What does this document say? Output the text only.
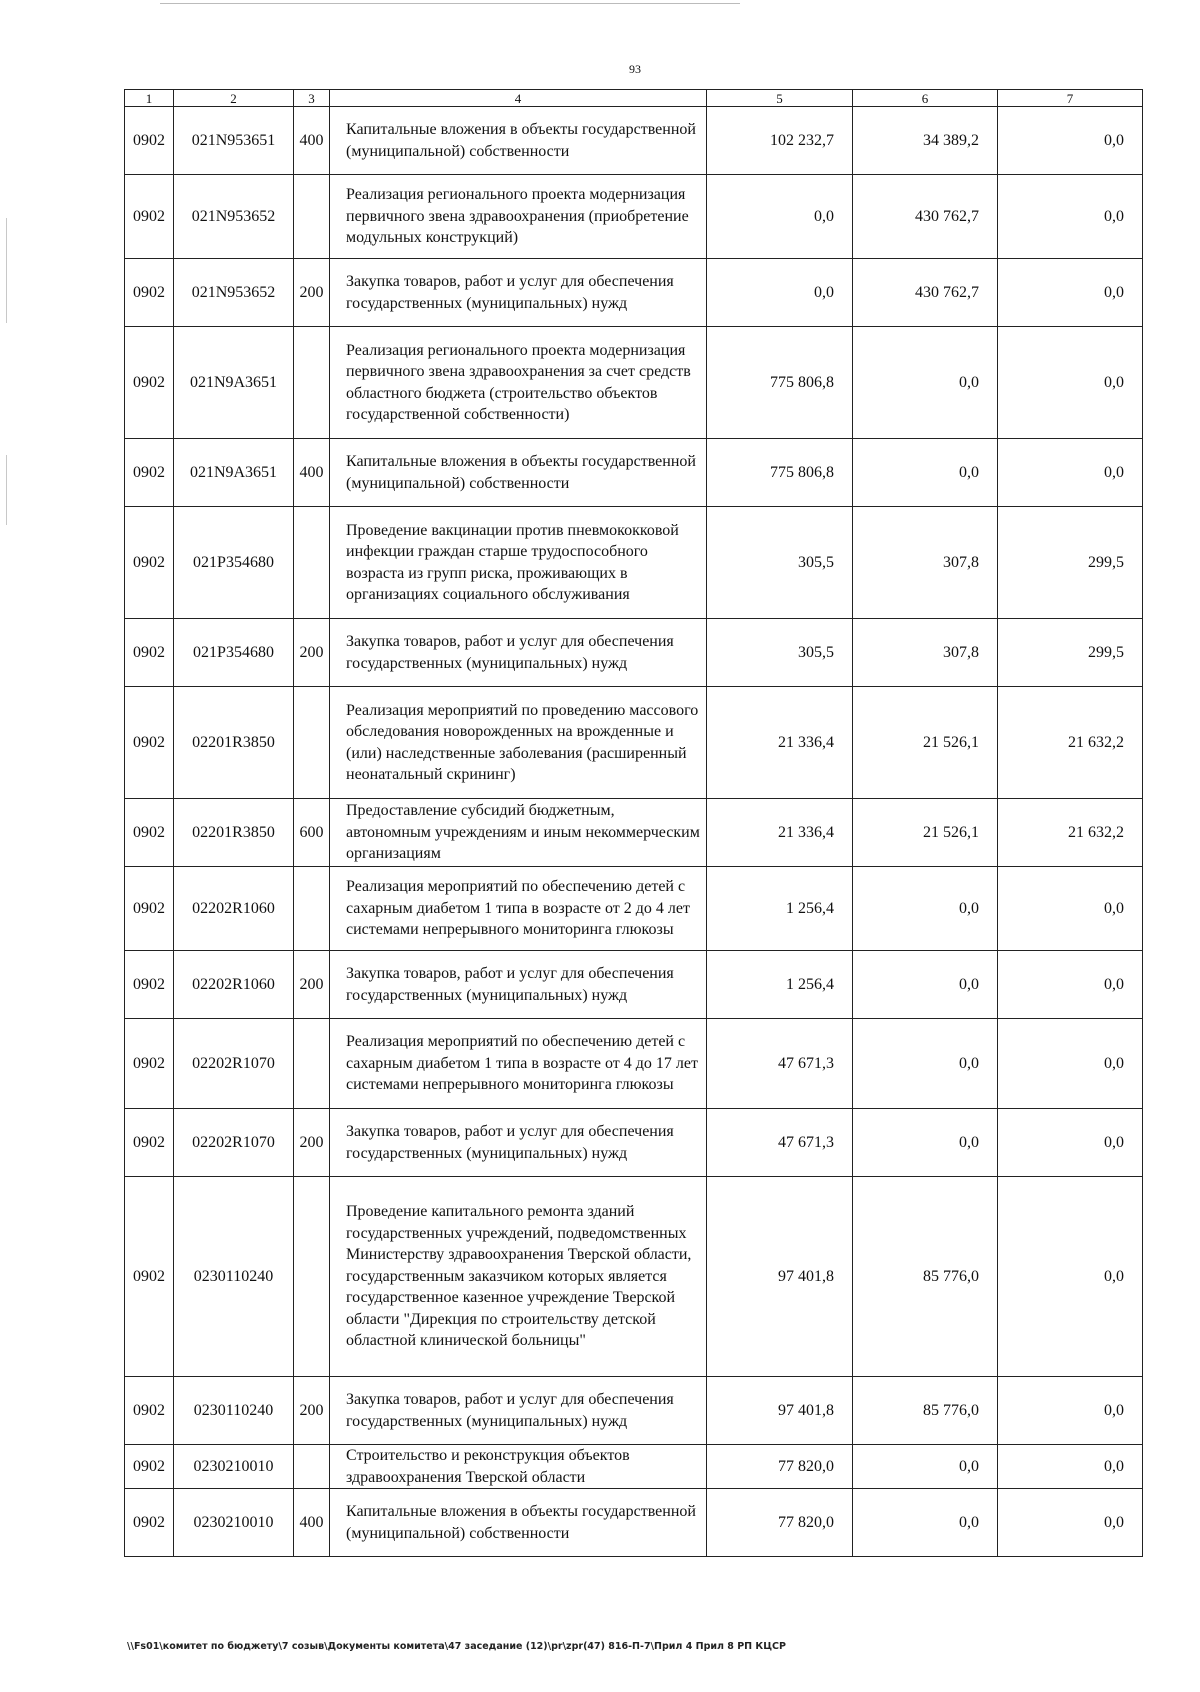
93
1	2	3	4	5	6	7
0902	021N953651	400	Капитальные вложения в объекты государственной (муниципальной) собственности	102 232,7	34 389,2	0,0
0902	021N953652		Реализация регионального проекта модернизация первичного звена здравоохранения (приобретение модульных конструкций)	0,0	430 762,7	0,0
0902	021N953652	200	Закупка товаров, работ и услуг для обеспечения государственных (муниципальных) нужд	0,0	430 762,7	0,0
0902	021N9A3651		Реализация регионального проекта модернизация первичного звена здравоохранения за счет средств областного бюджета (строительство объектов государственной собственности)	775 806,8	0,0	0,0
0902	021N9A3651	400	Капитальные вложения в объекты государственной (муниципальной) собственности	775 806,8	0,0	0,0
0902	021P354680		Проведение вакцинации против пневмококковой инфекции граждан старше трудоспособного возраста из групп риска, проживающих в организациях социального обслуживания	305,5	307,8	299,5
0902	021P354680	200	Закупка товаров, работ и услуг для обеспечения государственных (муниципальных) нужд	305,5	307,8	299,5
0902	02201R3850		Реализация мероприятий по проведению массового обследования новорожденных на врожденные и (или) наследственные заболевания (расширенный неонатальный скрининг)	21 336,4	21 526,1	21 632,2
0902	02201R3850	600	Предоставление субсидий бюджетным, автономным учреждениям и иным некоммерческим организациям	21 336,4	21 526,1	21 632,2
0902	02202R1060		Реализация мероприятий по обеспечению детей с сахарным диабетом 1 типа в возрасте от 2 до 4 лет системами непрерывного мониторинга глюкозы	1 256,4	0,0	0,0
0902	02202R1060	200	Закупка товаров, работ и услуг для обеспечения государственных (муниципальных) нужд	1 256,4	0,0	0,0
0902	02202R1070		Реализация мероприятий по обеспечению детей с сахарным диабетом 1 типа в возрасте от 4 до 17 лет системами непрерывного мониторинга глюкозы	47 671,3	0,0	0,0
0902	02202R1070	200	Закупка товаров, работ и услуг для обеспечения государственных (муниципальных) нужд	47 671,3	0,0	0,0
0902	0230110240		Проведение капитального ремонта зданий государственных учреждений, подведомственных Министерству здравоохранения Тверской области, государственным заказчиком которых является государственное казенное учреждение Тверской области "Дирекция по строительству детской областной клинической больницы"	97 401,8	85 776,0	0,0
0902	0230110240	200	Закупка товаров, работ и услуг для обеспечения государственных (муниципальных) нужд	97 401,8	85 776,0	0,0
0902	0230210010		Строительство и реконструкция объектов здравоохранения Тверской области	77 820,0	0,0	0,0
0902	0230210010	400	Капитальные вложения в объекты государственной (муниципальной) собственности	77 820,0	0,0	0,0
\\Fs01\комитет по бюджету\7 созыв\Документы комитета\47 заседание (12)\pr\zpr(47) 816-П-7\Прил 4 Прил 8 РП КЦСР
